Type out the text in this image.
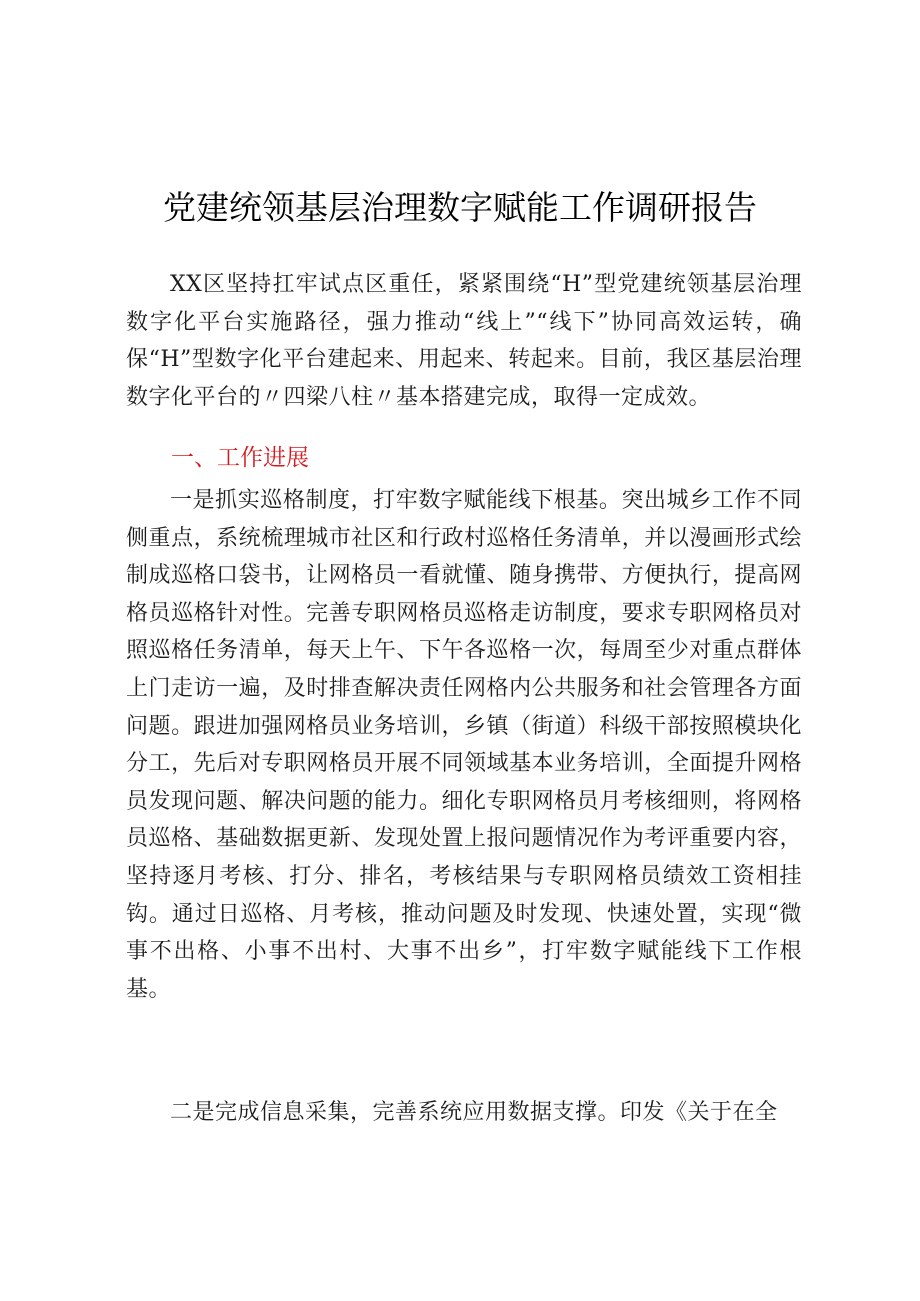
党建统领基层治理数字赋能工作调研报告

XX区坚持扛牢试点区重任，紧紧围绕“H”型党建统领基层治理数字化平台实施路径，强力推动“线上”“线下”协同高效运转，确保“H”型数字化平台建起来、用起来、转起来。目前，我区基层治理数字化平台的〃四梁八柱〃基本搭建完成，取得一定成效。

一、工作进展

一是抓实巡格制度，打牢数字赋能线下根基。突出城乡工作不同侧重点，系统梳理城市社区和行政村巡格任务清单，并以漫画形式绘制成巡格口袋书，让网格员一看就懂、随身携带、方便执行，提高网格员巡格针对性。完善专职网格员巡格走访制度，要求专职网格员对照巡格任务清单，每天上午、下午各巡格一次，每周至少对重点群体上门走访一遍，及时排查解决责任网格内公共服务和社会管理各方面问题。跟进加强网格员业务培训，乡镇（街道）科级干部按照模块化分工，先后对专职网格员开展不同领域基本业务培训，全面提升网格员发现问题、解决问题的能力。细化专职网格员月考核细则，将网格员巡格、基础数据更新、发现处置上报问题情况作为考评重要内容，坚持逐月考核、打分、排名，考核结果与专职网格员绩效工资相挂钩。通过日巡格、月考核，推动问题及时发现、快速处置，实现“微事不出格、小事不出村、大事不出乡”，打牢数字赋能线下工作根基。

二是完成信息采集，完善系统应用数据支撑。印发《关于在全
